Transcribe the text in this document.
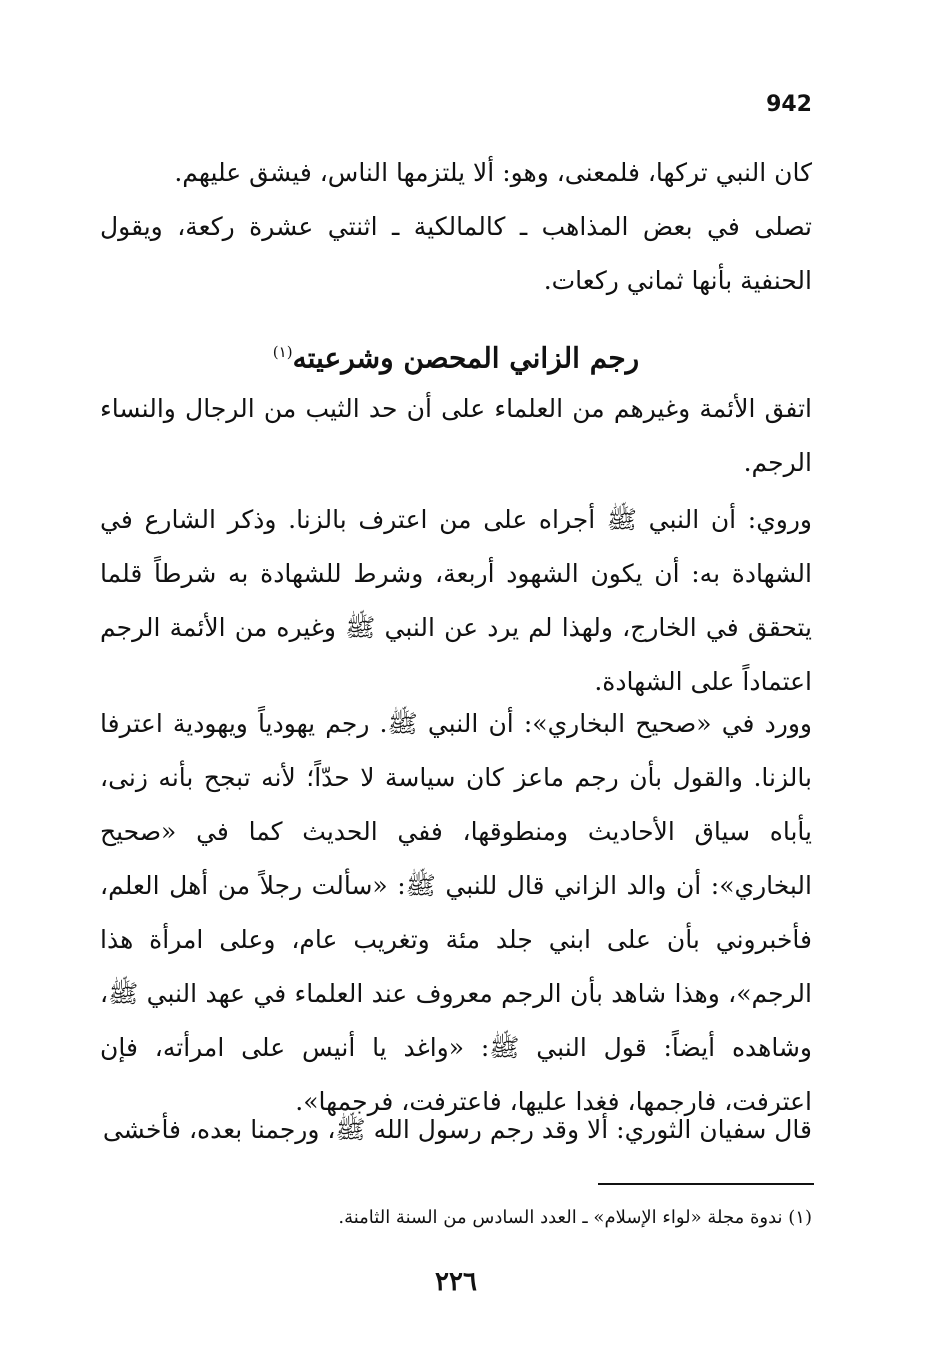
942

كان النبي تركها، فلمعنى، وهو: ألا يلتزمها الناس، فيشق عليهم.

تصلى في بعض المذاهب ـ كالمالكية ـ اثنتي عشرة ركعة، ويقول الحنفية بأنها ثماني ركعات.

رجم الزاني المحصن وشرعيته$^{(١)}$

اتفق الأئمة وغيرهم من العلماء على أن حد الثيب من الرجال والنساء الرجم.

وروي: أن النبي ﷺ أجراه على من اعترف بالزنا. وذكر الشارع في الشهادة به: أن يكون الشهود أربعة، وشرط للشهادة به شرطاً قلما يتحقق في الخارج، ولهذا لم يرد عن النبي ﷺ وغيره من الأئمة الرجم اعتماداً على الشهادة.

وورد في «صحيح البخاري»: أن النبي ﷺ. رجم يهودياً ويهودية اعترفا بالزنا. والقول بأن رجم ماعز كان سياسة لا حدّاً؛ لأنه تبجح بأنه زنى، يأباه سياق الأحاديث ومنطوقها، ففي الحديث كما في «صحيح البخاري»: أن والد الزاني قال للنبي ﷺ: «سألت رجلاً من أهل العلم، فأخبروني بأن على ابني جلد مئة وتغريب عام، وعلى امرأة هذا الرجم»، وهذا شاهد بأن الرجم معروف عند العلماء في عهد النبي ﷺ، وشاهده أيضاً: قول النبي ﷺ: «واغد يا أنيس على امرأته، فإن اعترفت، فارجمها، فغدا عليها، فاعترفت، فرجمها».

قال سفيان الثوري: ألا وقد رجم رسول الله ﷺ، ورجمنا بعده، فأخشى

(١) ندوة مجلة «لواء الإسلام» ـ العدد السادس من السنة الثامنة.

٢٢٦
